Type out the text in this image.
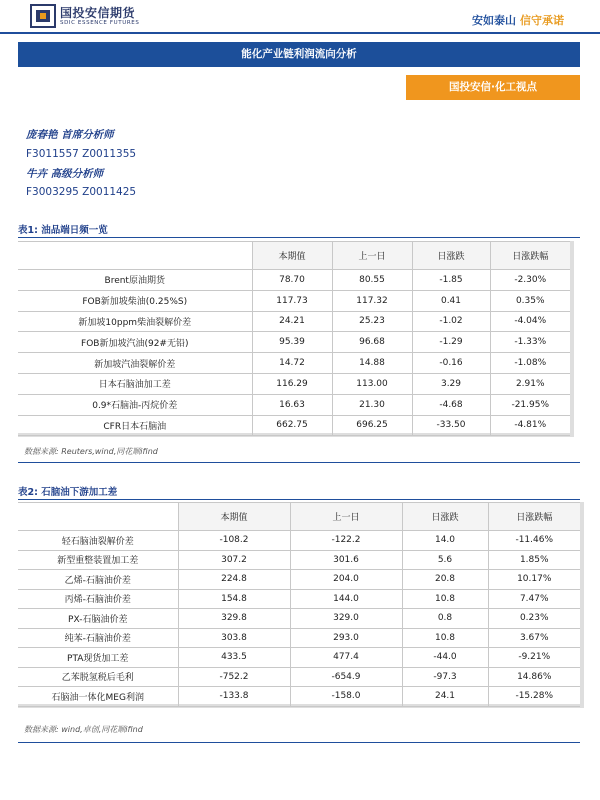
国投安信期货
SDIC ESSENCE FUTURES	安如泰山 信守承诺
能化产业链利润流向分析
国投安信·化工视点
庞春艳 首席分析师
F3011557 Z0011355
牛卉 高级分析师
F3003295 Z0011425
表1: 油品端日频一览
	本期值	上一日	日涨跌	日涨跌幅
Brent原油期货	78.70	80.55	-1.85	-2.30%
FOB新加坡柴油(0.25%S)	117.73	117.32	0.41	0.35%
新加坡10ppm柴油裂解价差	24.21	25.23	-1.02	-4.04%
FOB新加坡汽油(92#无铅)	95.39	96.68	-1.29	-1.33%
新加坡汽油裂解价差	14.72	14.88	-0.16	-1.08%
日本石脑油加工差	116.29	113.00	3.29	2.91%
0.9*石脑油-丙烷价差	16.63	21.30	-4.68	-21.95%
CFR日本石脑油	662.75	696.25	-33.50	-4.81%
数据来源: Reuters,wind,同花顺ifind
表2: 石脑油下游加工差
	本期值	上一日	日涨跌	日涨跌幅
轻石脑油裂解价差	-108.2	-122.2	14.0	-11.46%
新型重整装置加工差	307.2	301.6	5.6	1.85%
乙烯-石脑油价差	224.8	204.0	20.8	10.17%
丙烯-石脑油价差	154.8	144.0	10.8	7.47%
PX-石脑油价差	329.8	329.0	0.8	0.23%
纯苯-石脑油价差	303.8	293.0	10.8	3.67%
PTA现货加工差	433.5	477.4	-44.0	-9.21%
乙苯脱氢税后毛利	-752.2	-654.9	-97.3	14.86%
石脑油一体化MEG利润	-133.8	-158.0	24.1	-15.28%
数据来源: wind,卓创,同花顺ifind
